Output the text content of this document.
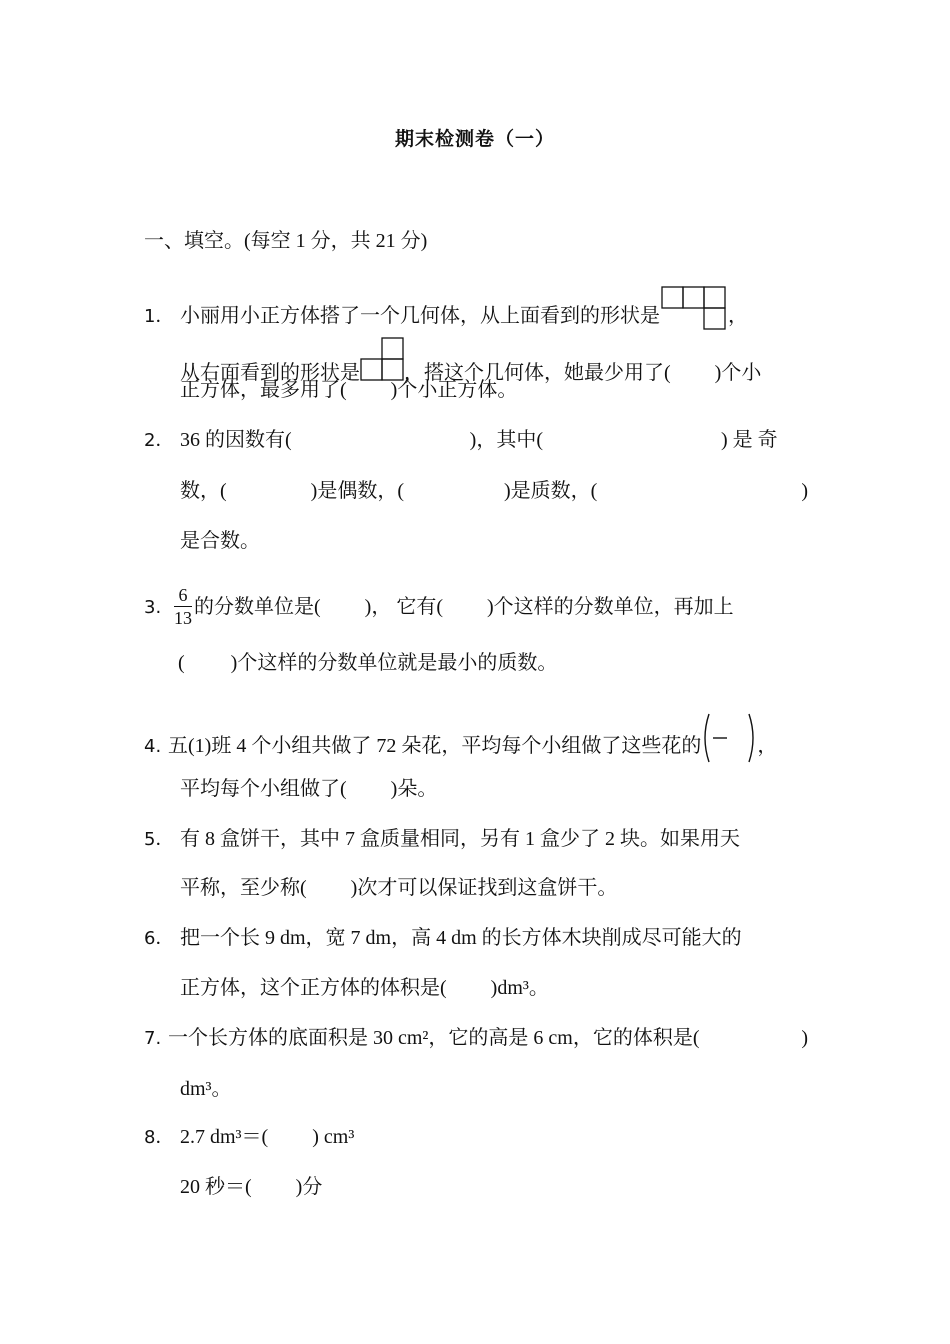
期末检测卷（一）
一、填空。(每空 1 分，共 21 分)
1． 小丽用小正方体搭了一个几何体，从上面看到的形状是	，
从右面看到的形状是 ，搭这个几何体，她最少用了( )个小
正方体，最多用了( )个小正方体。
2． 36 的因数有(	)，其中(	) 是 奇
数，(	)是偶数，(	)是质数，(	)
是合数。
3. $\frac{6}{13}$ 的分数单位是( )， 它有( )个这样的分数单位，再加上
( )个这样的分数单位就是最小的质数。
4. 五(1)班 4 个小组共做了 72 朵花，平均每个小组做了这些花的	，
平均每个小组做了( )朵。
5． 有 8 盒饼干，其中 7 盒质量相同，另有 1 盒少了 2 块。如果用天
平称，至少称( )次才可以保证找到这盒饼干。
6． 把一个长 9 dm，宽 7 dm，高 4 dm 的长方体木块削成尽可能大的
正方体，这个正方体的体积是( )dm³。
7. 一个长方体的底面积是 30 cm²，它的高是 6 cm，它的体积是(	)
dm³。
8． 2.7 dm³＝( ) cm³
20 秒＝( )分
